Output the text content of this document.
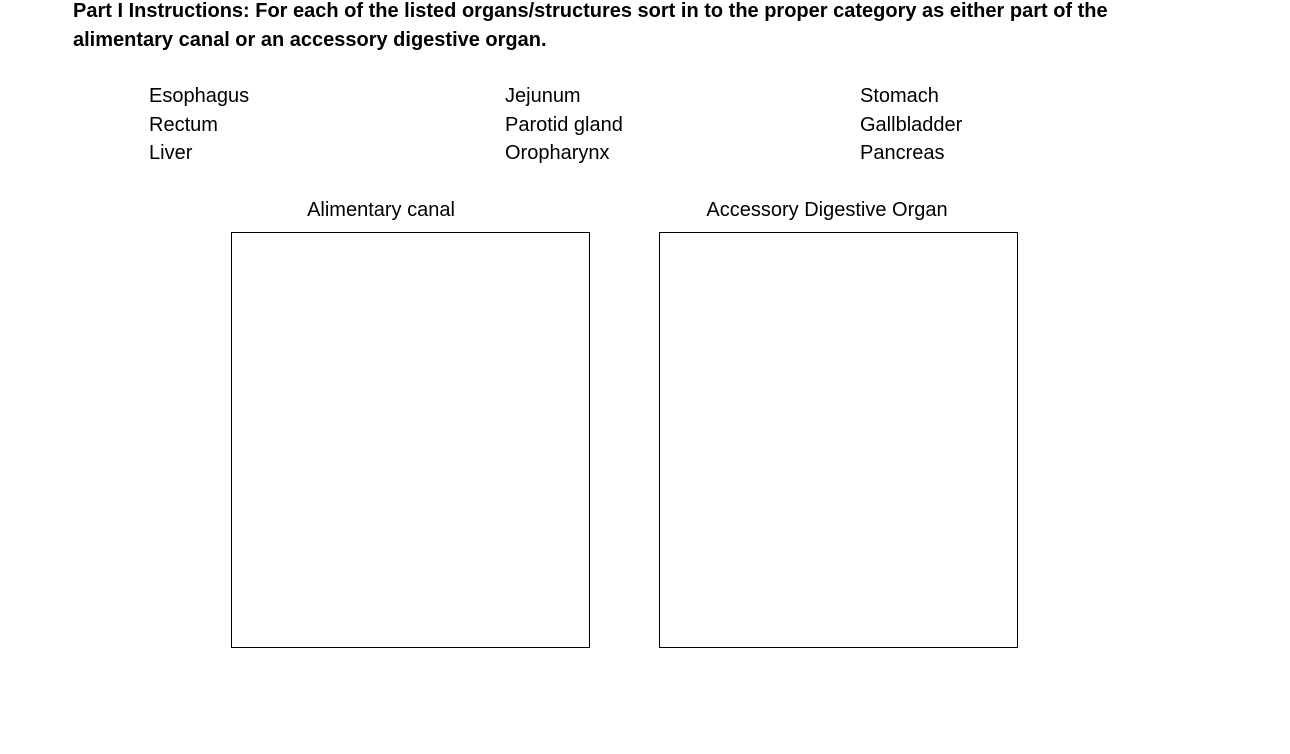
Part I Instructions: For each of the listed organs/structures sort in to the proper category as either part of the alimentary canal or an accessory digestive organ.

Esophagus
Rectum
Liver
Jejunum
Parotid gland
Oropharynx
Stomach
Gallbladder
Pancreas
Alimentary canal	Accessory Digestive Organ
